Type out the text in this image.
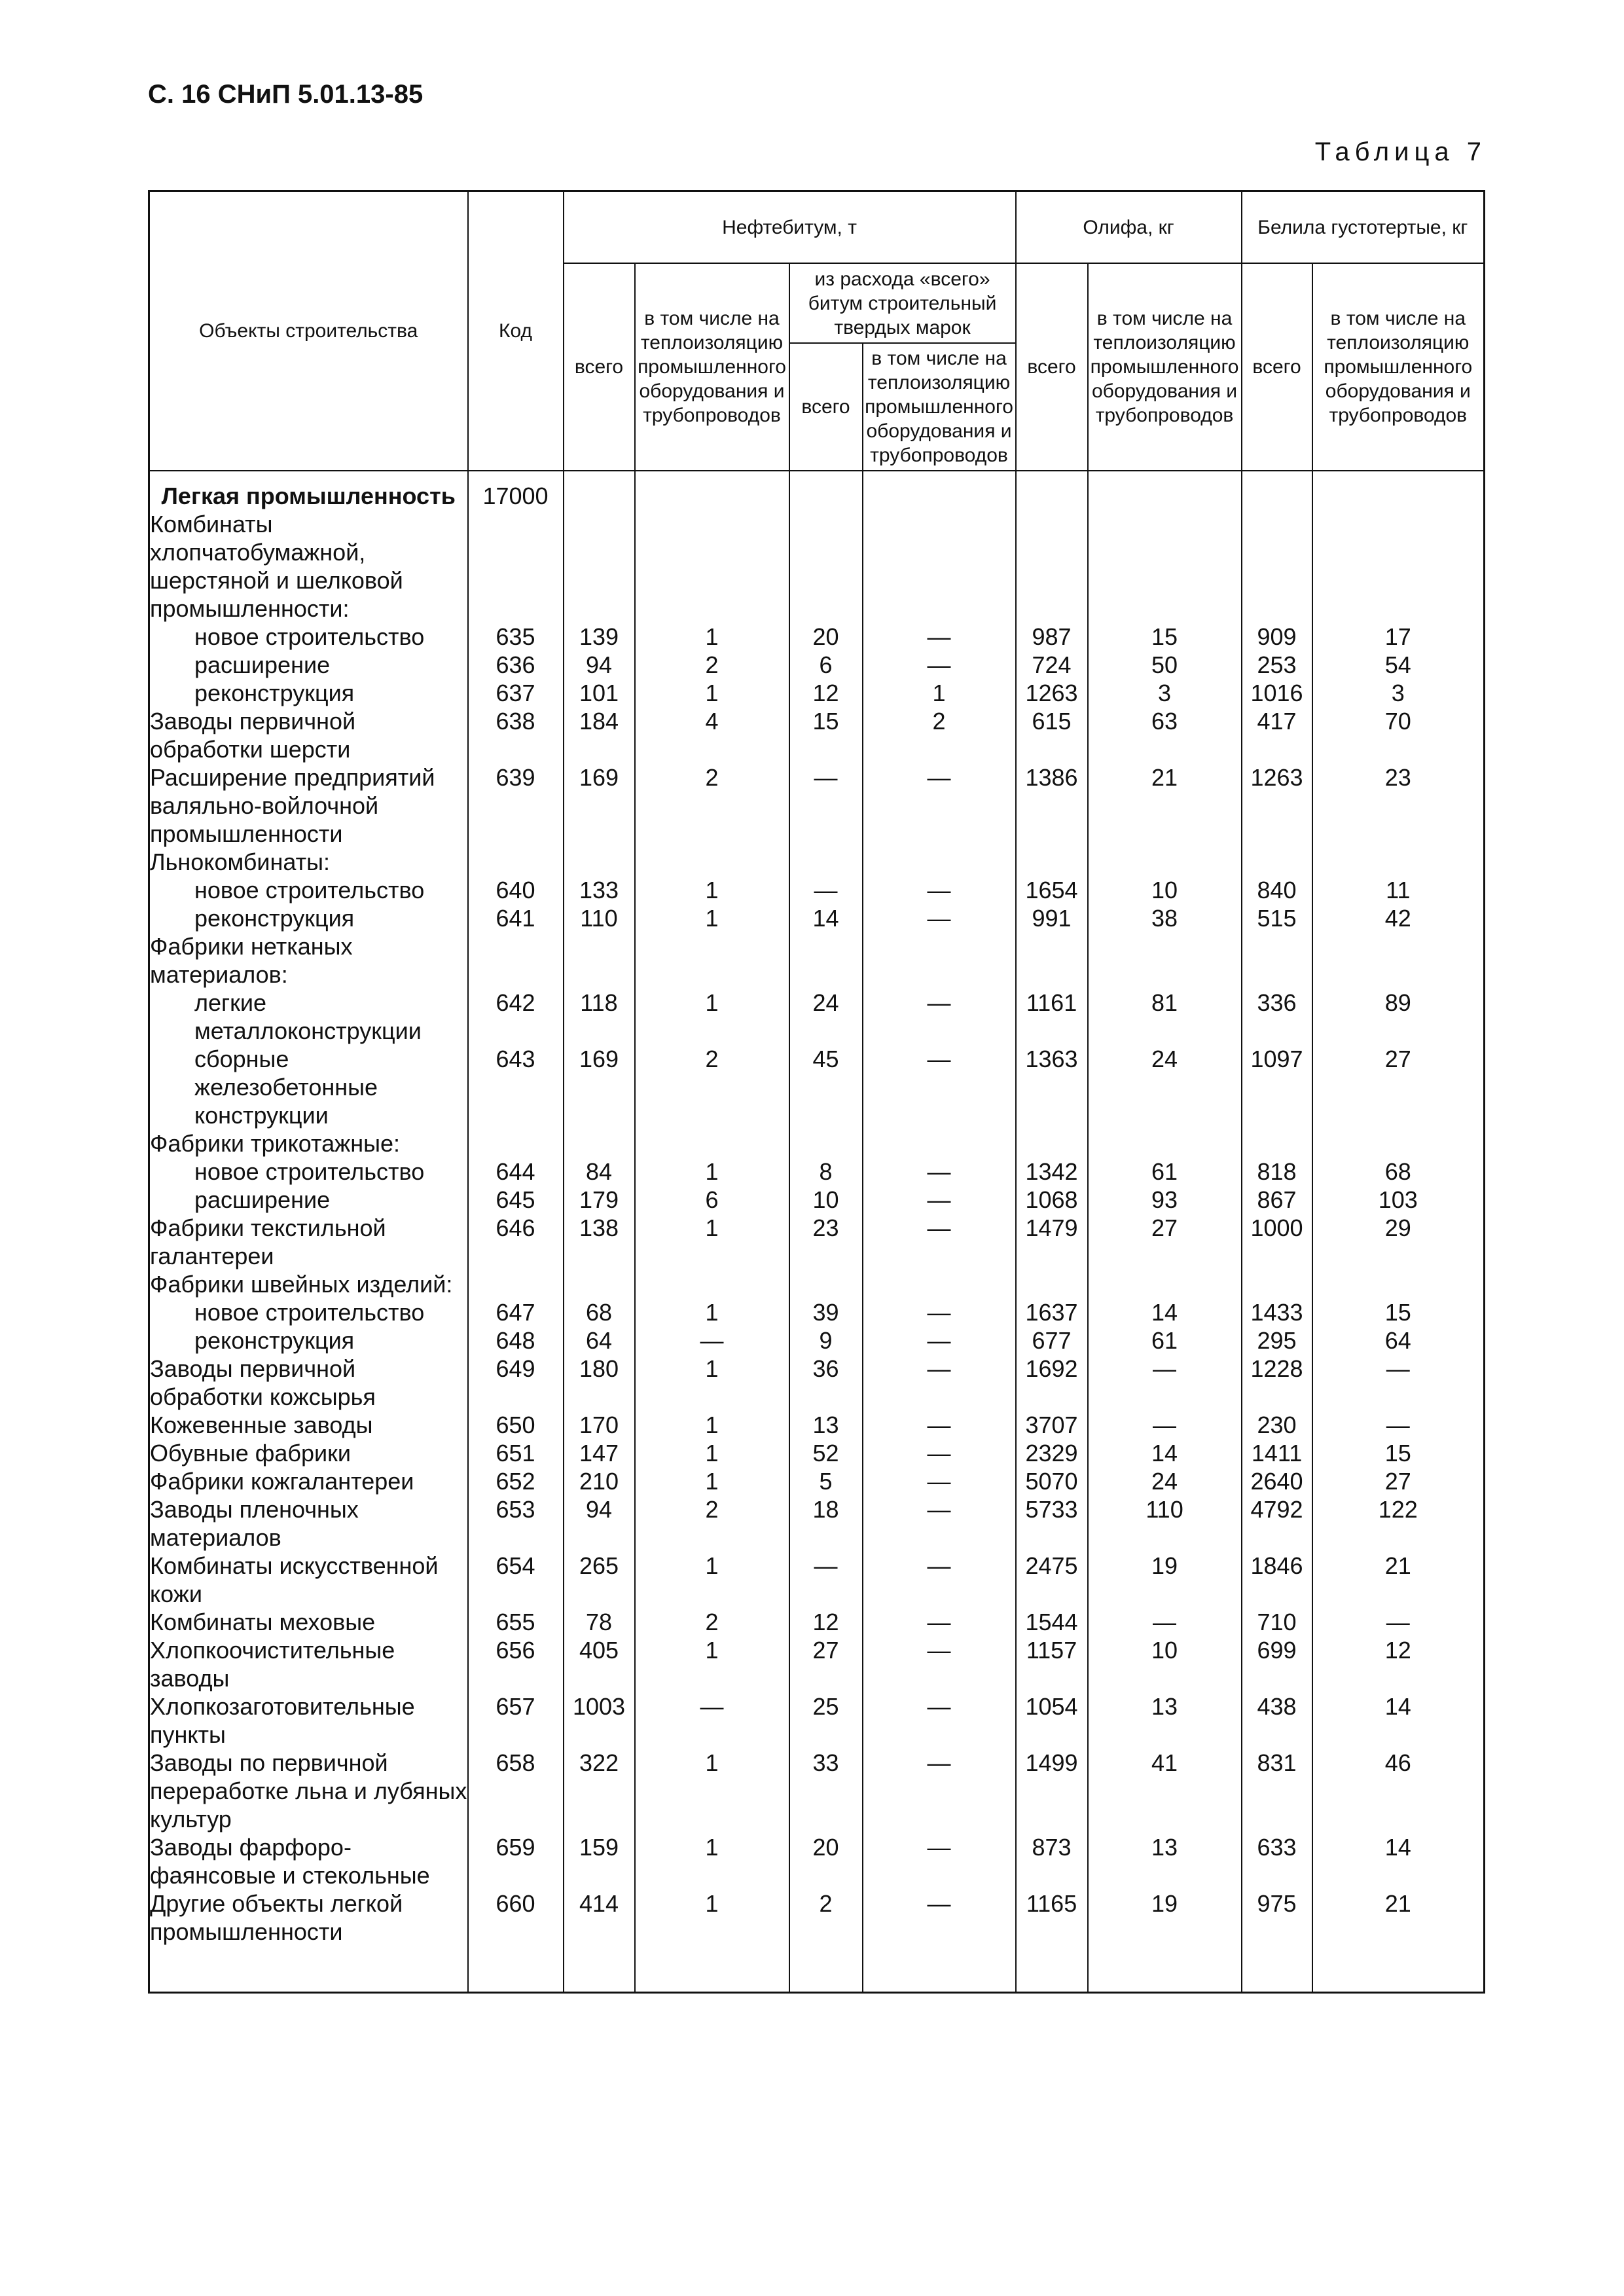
С. 16 СНиП 5.01.13-85
Таблица 7
Объекты строительства	Код	Нефтебитум, т				Олифа, кг		Белила густотертые, кг	
		всего	в том числе на теплоизоляцию промышленного оборудования и трубопроводов	из расхода «всего» битум строительный твердых марок		всего	в том числе на теплоизоляцию промышленного оборудования и трубопроводов	всего	в том числе на теплоизоляцию промышленного оборудования и трубопроводов
				всего	в том числе на теплоизоляцию промышленного оборудования и трубопроводов				
Легкая промышленность	17000								
Комбинаты хлопчатобумажной, шерстяной и шелковой промышленности:									
новое строительство	635	139	1	20	—	987	15	909	17
расширение	636	94	2	6	—	724	50	253	54
реконструкция	637	101	1	12	1	1263	3	1016	3
Заводы первичной обработки шерсти	638	184	4	15	2	615	63	417	70
Расширение предприятий валяльно-войлочной промышленности	639	169	2	—	—	1386	21	1263	23
Льнокомбинаты:									
новое строительство	640	133	1	—	—	1654	10	840	11
реконструкция	641	110	1	14	—	991	38	515	42
Фабрики нетканых материалов:									
легкие металлоконструкции	642	118	1	24	—	1161	81	336	89
сборные железобетонные конструкции	643	169	2	45	—	1363	24	1097	27
Фабрики трикотажные:									
новое строительство	644	84	1	8	—	1342	61	818	68
расширение	645	179	6	10	—	1068	93	867	103
Фабрики текстильной галантереи	646	138	1	23	—	1479	27	1000	29
Фабрики швейных изделий:									
новое строительство	647	68	1	39	—	1637	14	1433	15
реконструкция	648	64	—	9	—	677	61	295	64
Заводы первичной обработки кожсырья	649	180	1	36	—	1692	—	1228	—
Кожевенные заводы	650	170	1	13	—	3707	—	230	—
Обувные фабрики	651	147	1	52	—	2329	14	1411	15
Фабрики кожгалантереи	652	210	1	5	—	5070	24	2640	27
Заводы пленочных материалов	653	94	2	18	—	5733	110	4792	122
Комбинаты искусственной кожи	654	265	1	—	—	2475	19	1846	21
Комбинаты меховые	655	78	2	12	—	1544	—	710	—
Хлопкоочистительные заводы	656	405	1	27	—	1157	10	699	12
Хлопкозаготовительные пункты	657	1003	—	25	—	1054	13	438	14
Заводы по первичной переработке льна и лубяных культур	658	322	1	33	—	1499	41	831	46
Заводы фарфоро-фаянсовые и стекольные	659	159	1	20	—	873	13	633	14
Другие объекты легкой промышленности	660	414	1	2	—	1165	19	975	21
